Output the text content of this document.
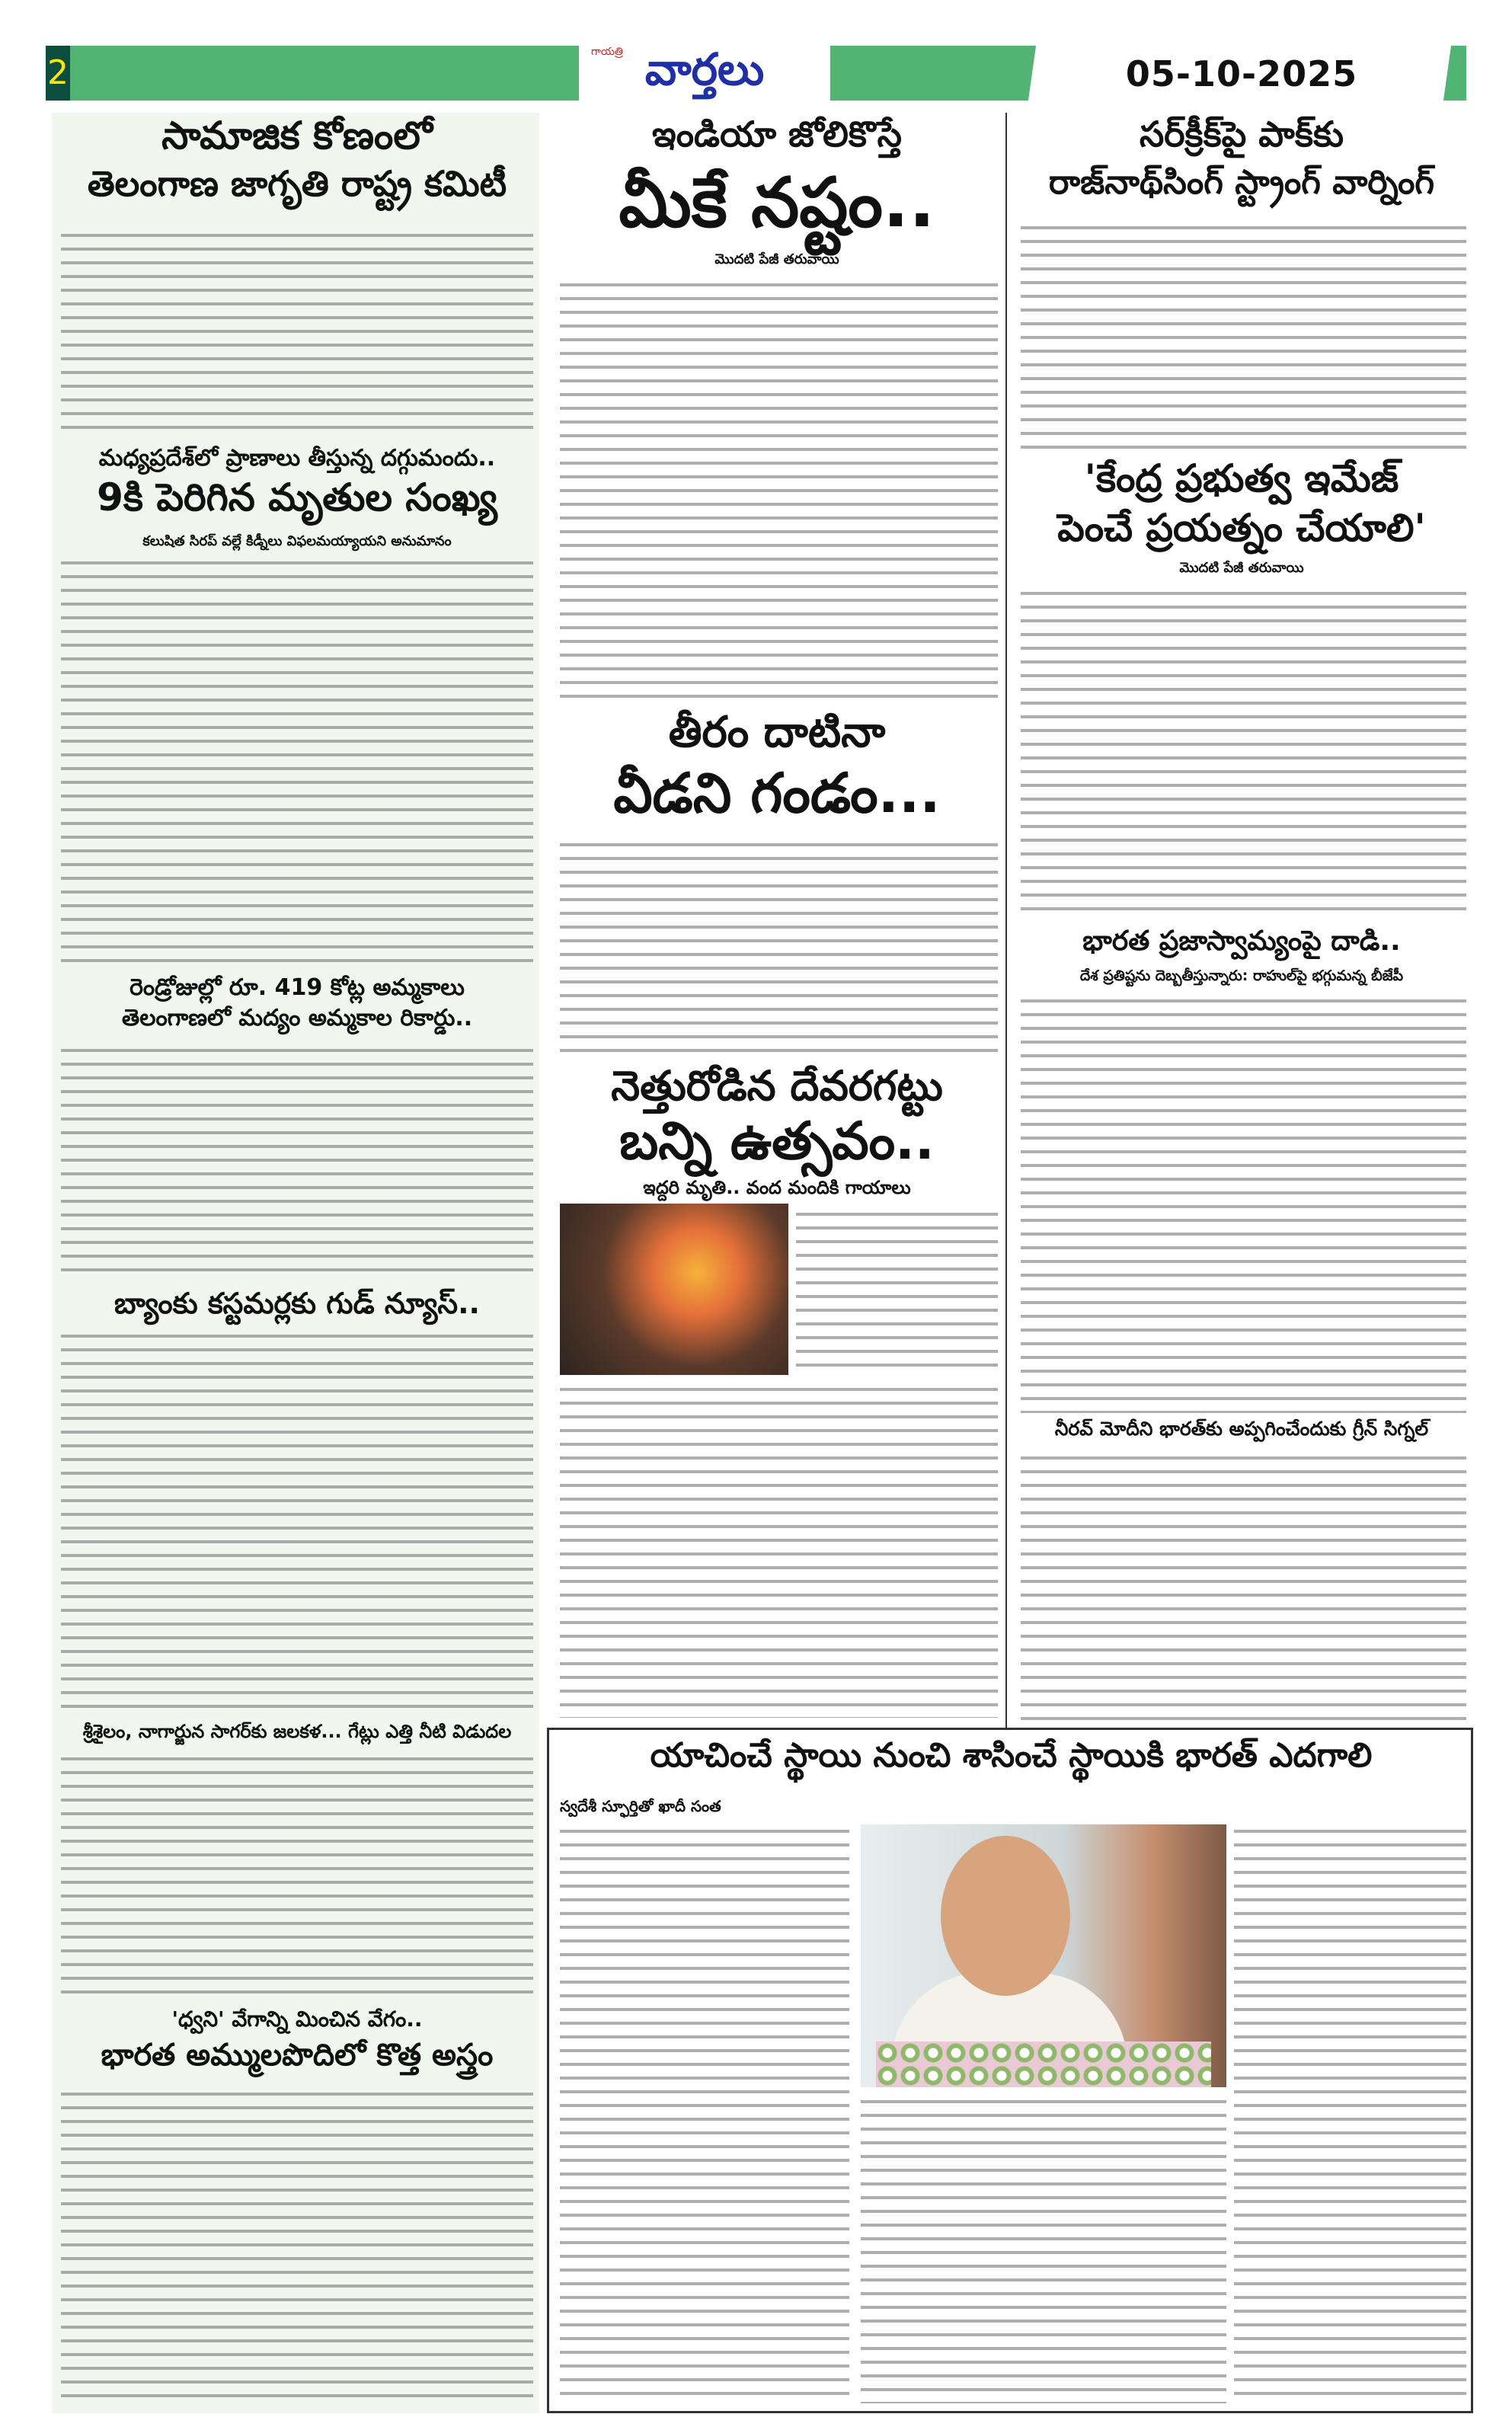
2
గాయత్రి వార్తలు	05-10-2025
సామాజిక కోణంలో
తెలంగాణ జాగృతి రాష్ట్ర కమిటీ
మధ్యప్రదేశ్‌లో ప్రాణాలు తీస్తున్న దగ్గుమందు..
9కి పెరిగిన మృతుల సంఖ్య
కలుషిత సిరప్ వల్లే కిడ్నీలు విఫలమయ్యాయని అనుమానం
రెండ్రోజుల్లో రూ. 419 కోట్ల అమ్మకాలు
తెలంగాణలో మద్యం అమ్మకాల రికార్డు..
బ్యాంకు కస్టమర్లకు గుడ్ న్యూస్..
శ్రీశైలం, నాగార్జున సాగర్‌కు జలకళ... గేట్లు ఎత్తి నీటి విడుదల
'ధ్వని' వేగాన్ని మించిన వేగం..
భారత అమ్ములపొదిలో కొత్త అస్త్రం
ఇండియా జోలికొస్తే
మీకే నష్టం..
మొదటి పేజీ తరువాయి
తీరం దాటినా
వీడని గండం...
నెత్తురోడిన దేవరగట్టు
బన్ని ఉత్సవం..
ఇద్దరి మృతి.. వంద మందికి గాయాలు
సర్‌క్రీక్‌పై పాక్‌కు
రాజ్‌నాథ్‌సింగ్ స్ట్రాంగ్ వార్నింగ్
'కేంద్ర ప్రభుత్వ ఇమేజ్
పెంచే ప్రయత్నం చేయాలి'
మొదటి పేజీ తరువాయి
భారత ప్రజాస్వామ్యంపై దాడి..
దేశ ప్రతిష్టను దెబ్బతీస్తున్నారు: రాహుల్‌పై భగ్గుమన్న బీజేపీ
నీరవ్ మోదీని భారత్‌కు అప్పగించేందుకు గ్రీన్ సిగ్నల్
యాచించే స్థాయి నుంచి శాసించే స్థాయికి భారత్ ఎదగాలి
స్వదేశీ స్ఫూర్తితో ఖాదీ సంత
